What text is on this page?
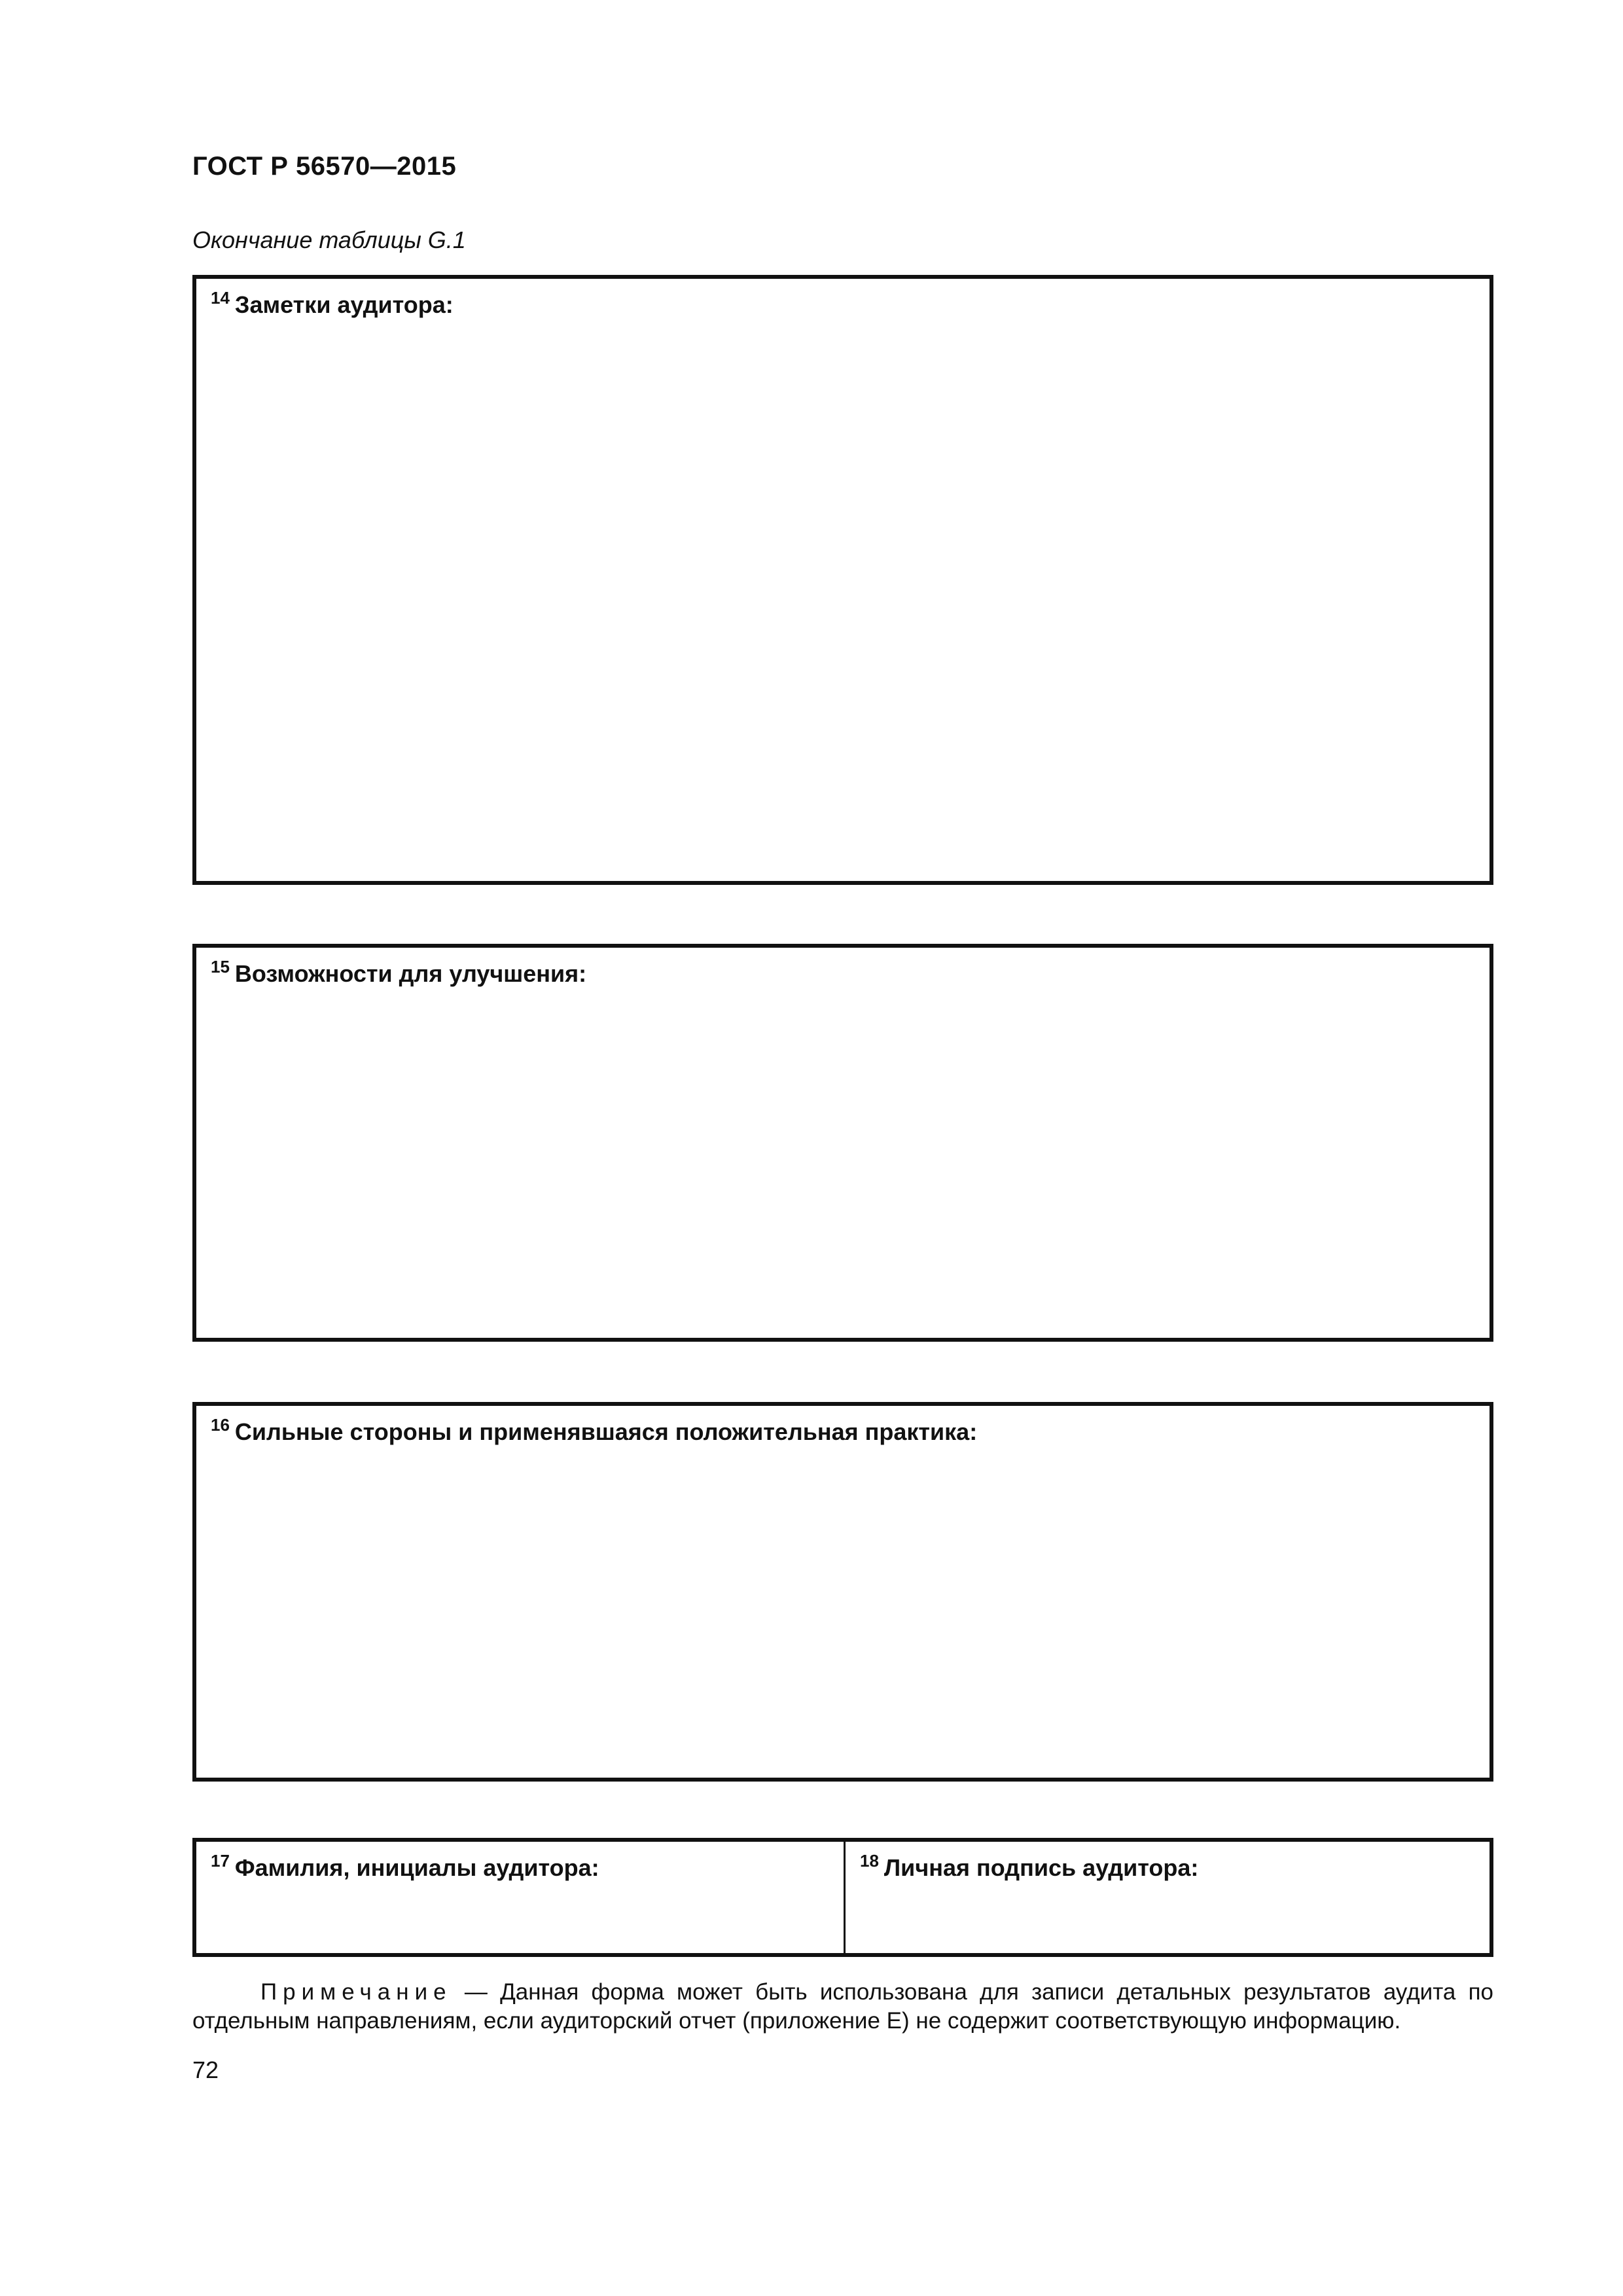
ГОСТ Р 56570—2015
Окончание таблицы G.1
$^{14}$ Заметки аудитора:
$^{15}$ Возможности для улучшения:
$^{16}$ Сильные стороны и применявшаяся положительная практика:
$^{17}$ Фамилия, инициалы аудитора:	$^{18}$ Личная подпись аудитора:
Примечание — Данная форма может быть использована для записи детальных результатов аудита по
отдельным направлениям, если аудиторский отчет (приложение Е) не содержит соответствующую информацию.
72
